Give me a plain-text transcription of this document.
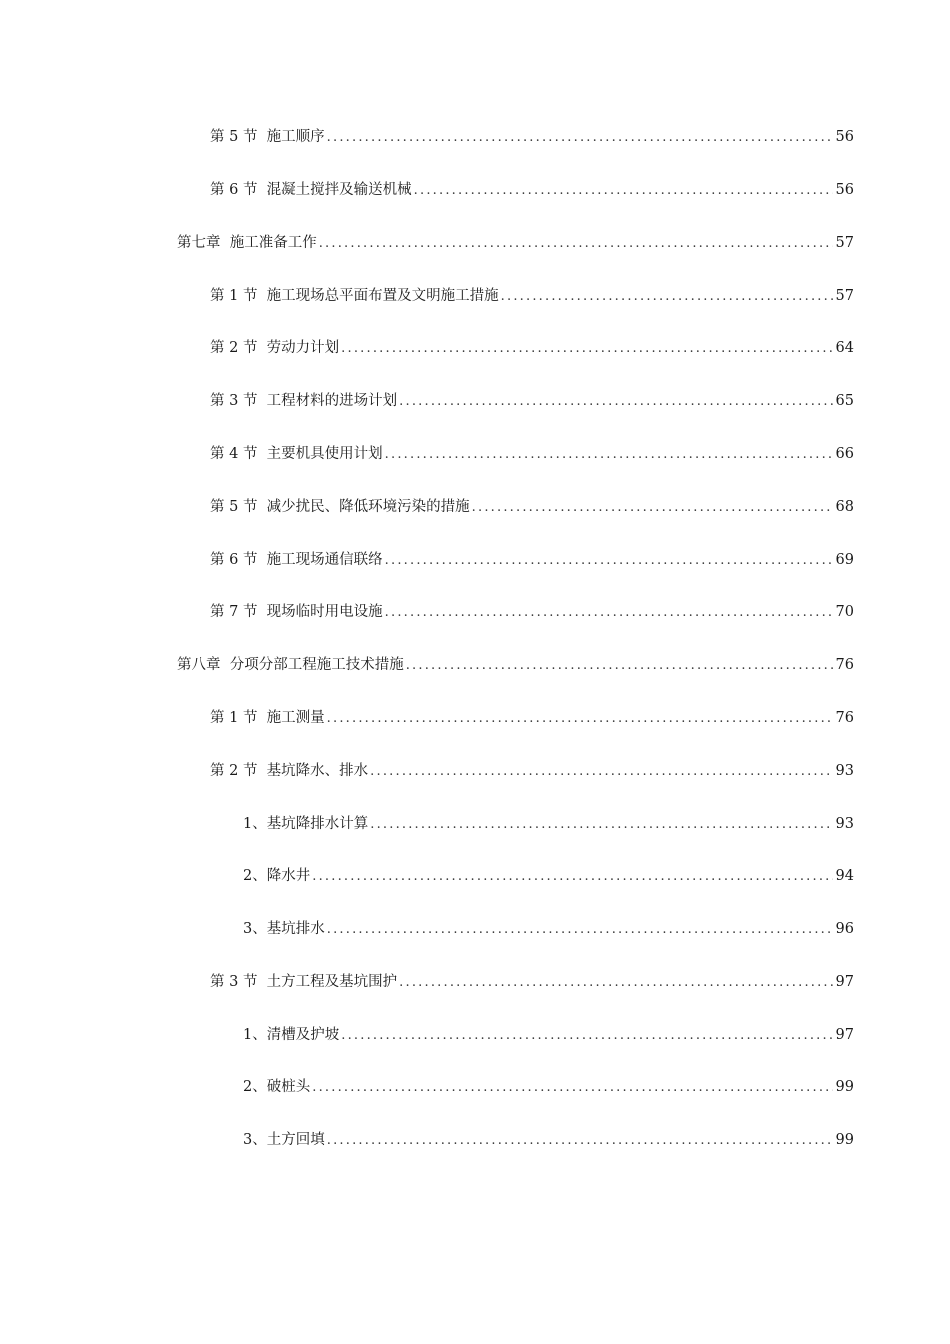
第 5 节 施工顺序 .....	56
第 6 节 混凝土搅拌及输送机械 .....	56
第七章 施工准备工作 .....	57
第 1 节 施工现场总平面布置及文明施工措施 .....	57
第 2 节 劳动力计划 .....	64
第 3 节 工程材料的进场计划 .....	65
第 4 节 主要机具使用计划 .....	66
第 5 节 减少扰民、降低环境污染的措施 .....	68
第 6 节 施工现场通信联络 .....	69
第 7 节 现场临时用电设施 .....	70
第八章 分项分部工程施工技术措施 .....	76
第 1 节 施工测量 .....	76
第 2 节 基坑降水、排水 .....	93
1、 基坑降排水计算 .....	93
2、 降水井 .....	94
3、 基坑排水 .....	96
第 3 节 土方工程及基坑围护 .....	97
1、 清槽及护坡 .....	97
2、 破桩头 .....	99
3、 土方回填 .....	99
